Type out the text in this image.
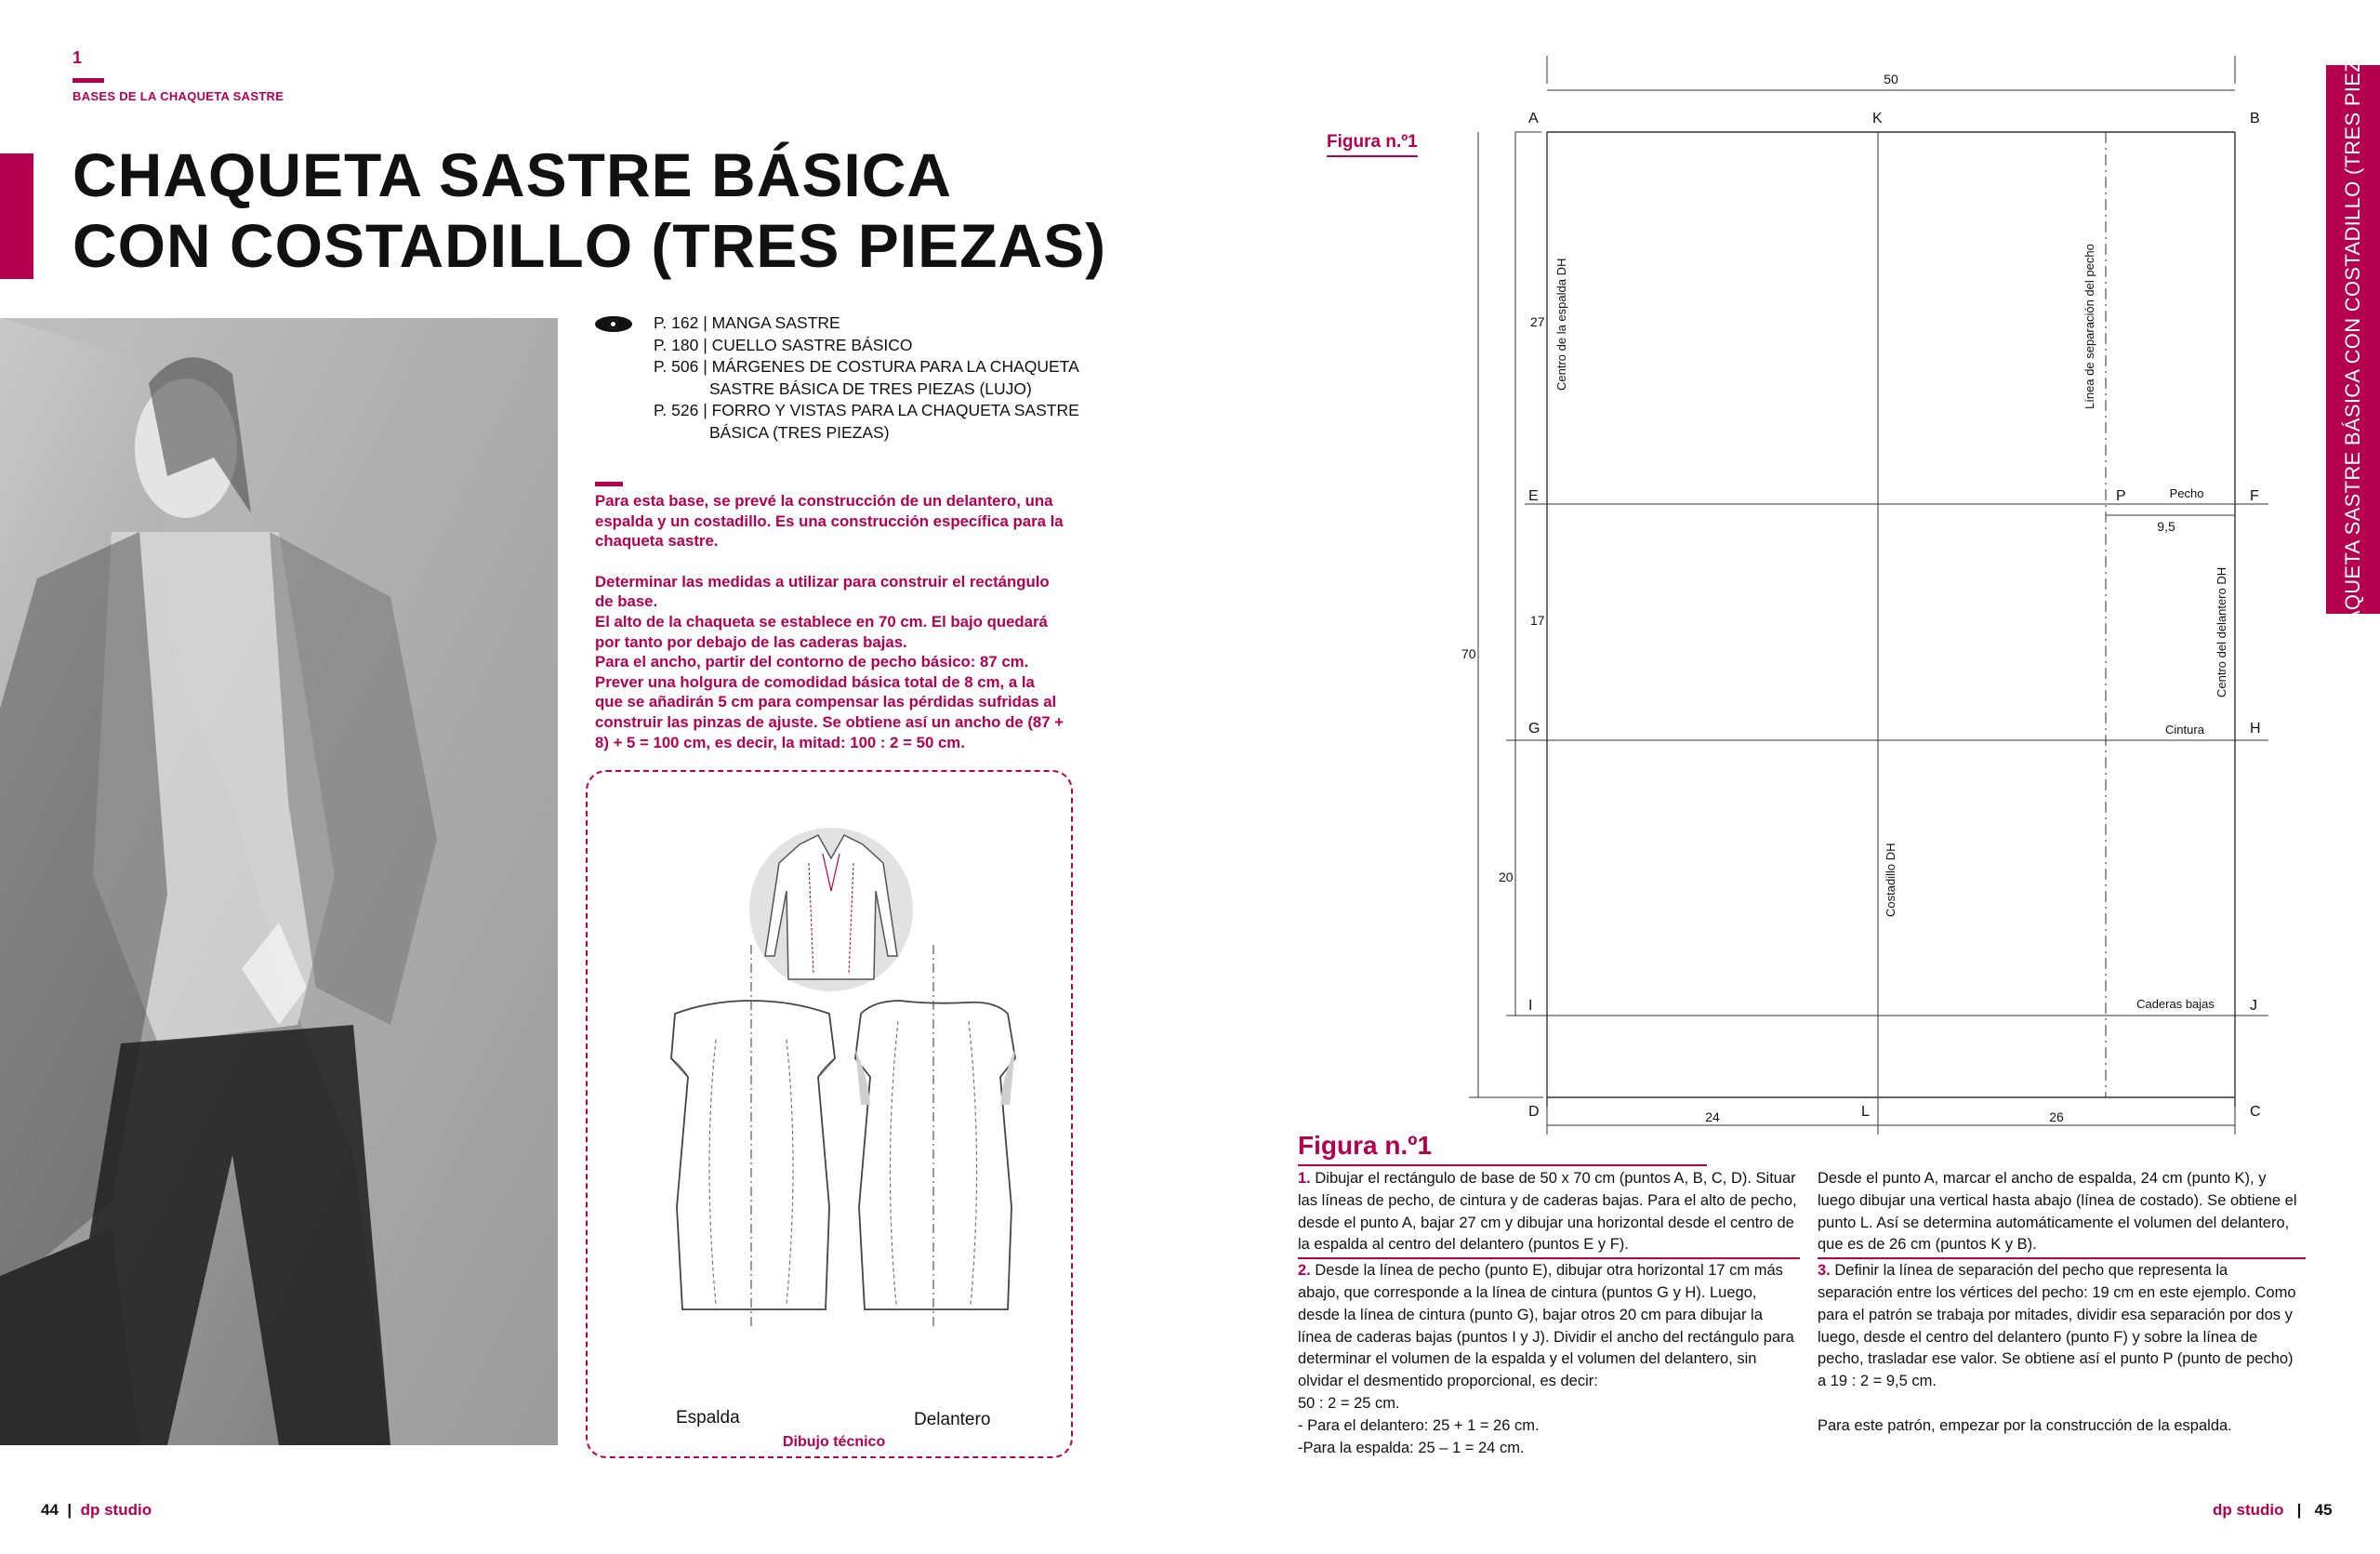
1
BASES DE LA CHAQUETA SASTRE
CHAQUETA SASTRE BÁSICA
CON COSTADILLO (TRES PIEZAS)
P. 162 | MANGA SASTRE
P. 180 | CUELLO SASTRE BÁSICO
P. 506 | MÁRGENES DE COSTURA PARA LA CHAQUETA
SASTRE BÁSICA DE TRES PIEZAS (LUJO)
P. 526 | FORRO Y VISTAS PARA LA CHAQUETA SASTRE
BÁSICA (TRES PIEZAS)

Para esta base, se prevé la construcción de un delantero, una espalda y un costadillo. Es una construcción específica para la chaqueta sastre.

Determinar las medidas a utilizar para construir el rectángulo de base.
El alto de la chaqueta se establece en 70 cm. El bajo quedará por tanto por debajo de las caderas bajas.
Para el ancho, partir del contorno de pecho básico: 87 cm. Prever una holgura de comodidad básica total de 8 cm, a la que se añadirán 5 cm para compensar las pérdidas sufridas al construir las pinzas de ajuste. Se obtiene así un ancho de (87 + 8) + 5 = 100 cm, es decir, la mitad: 100 : 2 = 50 cm.
Espalda	Delantero
Dibujo técnico
44  |  dp studio
CHAQUETA SASTRE BÁSICA CON COSTADILLO (TRES PIEZAS)
Figura n.º1
50
27
17
70
20
24	26
9,5
A	K	B
E	P	F
G	H
I	J
D	L	C
Pecho
Cintura
Caderas bajas
Centro de la espalda DH	Línea de separación del pecho
Centro del delantero DH
Costadillo DH
Figura n.º1

1. Dibujar el rectángulo de base de 50 x 70 cm (puntos A, B, C, D). Situar las líneas de pecho, de cintura y de caderas bajas. Para el alto de pecho, desde el punto A, bajar 27 cm y dibujar una horizontal desde el centro de la espalda al centro del delantero (puntos E y F).

2. Desde la línea de pecho (punto E), dibujar otra horizontal 17 cm más abajo, que corresponde a la línea de cintura (puntos G y H). Luego, desde la línea de cintura (punto G), bajar otros 20 cm para dibujar la línea de caderas bajas (puntos I y J). Dividir el ancho del rectángulo para determinar el volumen de la espalda y el volumen del delantero, sin olvidar el desmentido proporcional, es decir:

50 : 2 = 25 cm.

- Para el delantero: 25 + 1 = 26 cm.

-Para la espalda: 25 – 1 = 24 cm.

Desde el punto A, marcar el ancho de espalda, 24 cm (punto K), y luego dibujar una vertical hasta abajo (línea de costado). Se obtiene el punto L. Así se determina automáticamente el volumen del delantero, que es de 26 cm (puntos K y B).

3. Definir la línea de separación del pecho que representa la separación entre los vértices del pecho: 19 cm en este ejemplo. Como para el patrón se trabaja por mitades, dividir esa separación por dos y luego, desde el centro del delantero (punto F) y sobre la línea de pecho, trasladar ese valor. Se obtiene así el punto P (punto de pecho) a 19 : 2 = 9,5 cm.

Para este patrón, empezar por la construcción de la espalda.

dp studio   |   45
